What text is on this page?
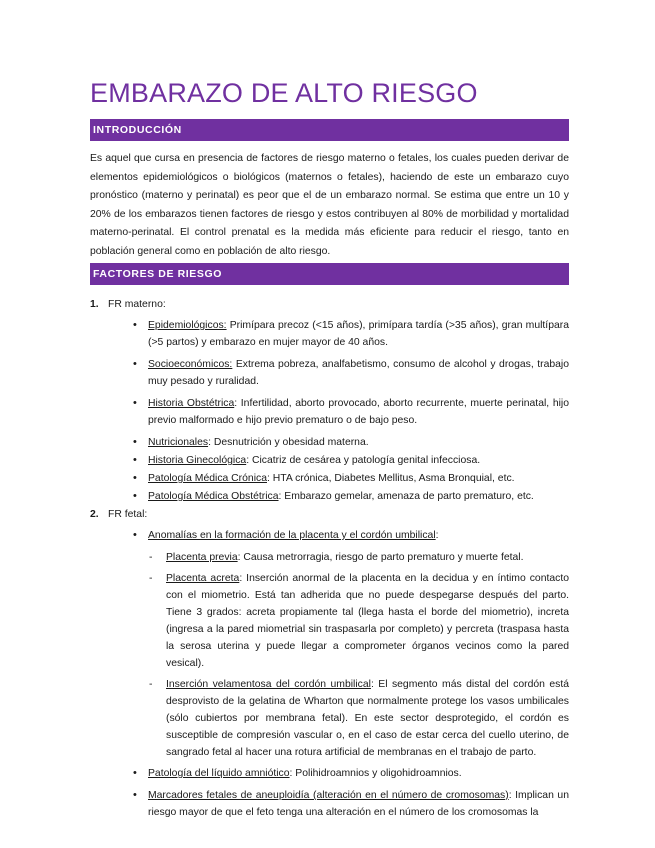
EMBARAZO DE ALTO RIESGO
INTRODUCCIÓN
Es aquel que cursa en presencia de factores de riesgo materno o fetales, los cuales pueden derivar de elementos epidemiológicos o biológicos (maternos o fetales), haciendo de este un embarazo cuyo pronóstico (materno y perinatal) es peor que el de un embarazo normal. Se estima que entre un 10 y 20% de los embarazos tienen factores de riesgo y estos contribuyen al 80% de morbilidad y mortalidad materno-perinatal. El control prenatal es la medida más eficiente para reducir el riesgo, tanto en población general como en población de alto riesgo.
FACTORES DE RIESGO
1. FR materno:
• Epidemiológicos: Primípara precoz (<15 años), primípara tardía (>35 años), gran multípara (>5 partos) y embarazo en mujer mayor de 40 años.
• Socioeconómicos: Extrema pobreza, analfabetismo, consumo de alcohol y drogas, trabajo muy pesado y ruralidad.
• Historia Obstétrica: Infertilidad, aborto provocado, aborto recurrente, muerte perinatal, hijo previo malformado e hijo previo prematuro o de bajo peso.
• Nutricionales: Desnutrición y obesidad materna.
• Historia Ginecológica: Cicatriz de cesárea y patología genital infecciosa.
• Patología Médica Crónica: HTA crónica, Diabetes Mellitus, Asma Bronquial, etc.
• Patología Médica Obstétrica: Embarazo gemelar, amenaza de parto prematuro, etc.
2. FR fetal:
• Anomalías en la formación de la placenta y el cordón umbilical:
- Placenta previa: Causa metrorragia, riesgo de parto prematuro y muerte fetal.
- Placenta acreta: Inserción anormal de la placenta en la decidua y en íntimo contacto con el miometrio. Está tan adherida que no puede despegarse después del parto. Tiene 3 grados: acreta propiamente tal (llega hasta el borde del miometrio), increta (ingresa a la pared miometrial sin traspasarla por completo) y percreta (traspasa hasta la serosa uterina y puede llegar a comprometer órganos vecinos como la pared vesical).
- Inserción velamentosa del cordón umbilical: El segmento más distal del cordón está desprovisto de la gelatina de Wharton que normalmente protege los vasos umbilicales (sólo cubiertos por membrana fetal). En este sector desprotegido, el cordón es susceptible de compresión vascular o, en el caso de estar cerca del cuello uterino, de sangrado fetal al hacer una rotura artificial de membranas en el trabajo de parto.
• Patología del líquido amniótico: Polihidroamnios y oligohidroamnios.
• Marcadores fetales de aneuploidía (alteración en el número de cromosomas): Implican un riesgo mayor de que el feto tenga una alteración en el número de los cromosomas la
